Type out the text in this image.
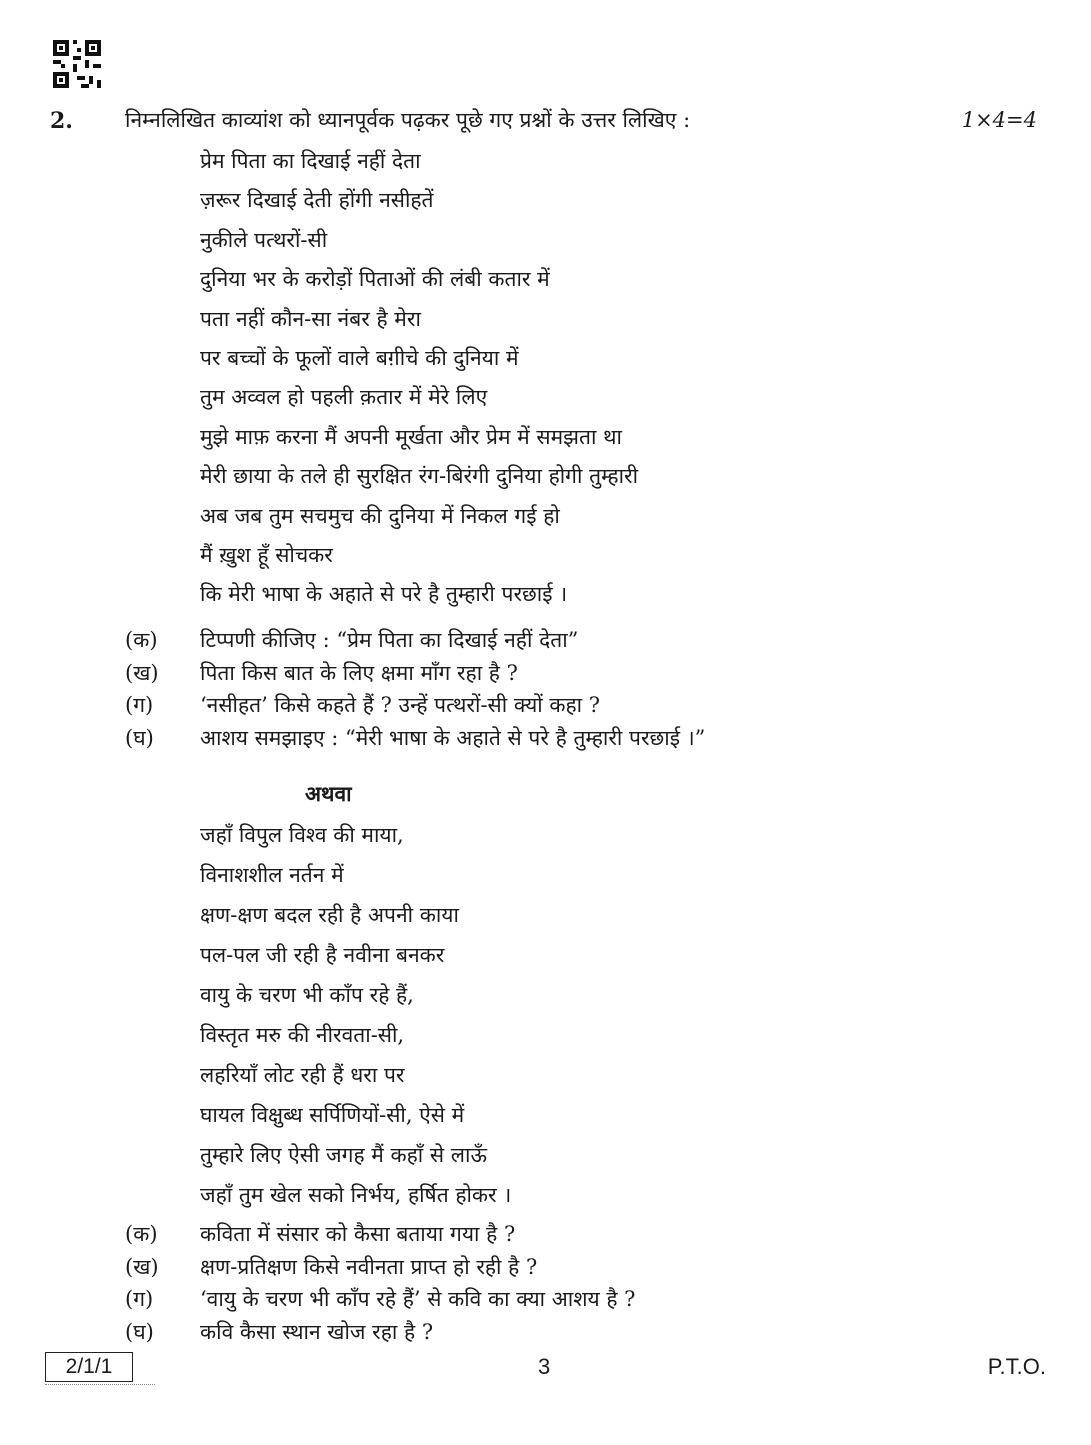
2. निम्नलिखित काव्यांश को ध्यानपूर्वक पढ़कर पूछे गए प्रश्नों के उत्तर लिखिए :	1×4=4
प्रेम पिता का दिखाई नहीं देता
ज़रूर दिखाई देती होंगी नसीहतें
नुकीले पत्थरों-सी
दुनिया भर के करोड़ों पिताओं की लंबी कतार में
पता नहीं कौन-सा नंबर है मेरा
पर बच्चों के फूलों वाले बग़ीचे की दुनिया में
तुम अव्वल हो पहली क़तार में मेरे लिए
मुझे माफ़ करना मैं अपनी मूर्खता और प्रेम में समझता था
मेरी छाया के तले ही सुरक्षित रंग-बिरंगी दुनिया होगी तुम्हारी
अब जब तुम सचमुच की दुनिया में निकल गई हो
मैं ख़ुश हूँ सोचकर
कि मेरी भाषा के अहाते से परे है तुम्हारी परछाई ।
(क) टिप्पणी कीजिए : “प्रेम पिता का दिखाई नहीं देता”
(ख) पिता किस बात के लिए क्षमा माँग रहा है ?
(ग) ‘नसीहत’ किसे कहते हैं ? उन्हें पत्थरों-सी क्यों कहा ?
(घ) आशय समझाइए : “मेरी भाषा के अहाते से परे है तुम्हारी परछाई ।”
अथवा
जहाँ विपुल विश्व की माया,
विनाशशील नर्तन में
क्षण-क्षण बदल रही है अपनी काया
पल-पल जी रही है नवीना बनकर
वायु के चरण भी काँप रहे हैं,
विस्तृत मरु की नीरवता-सी,
लहरियाँ लोट रही हैं धरा पर
घायल विक्षुब्ध सर्पिणियों-सी, ऐसे में
तुम्हारे लिए ऐसी जगह मैं कहाँ से लाऊँ
जहाँ तुम खेल सको निर्भय, हर्षित होकर ।
(क) कविता में संसार को कैसा बताया गया है ?
(ख) क्षण-प्रतिक्षण किसे नवीनता प्राप्त हो रही है ?
(ग) ‘वायु के चरण भी काँप रहे हैं’ से कवि का क्या आशय है ?
(घ) कवि कैसा स्थान खोज रहा है ?
2/1/1	3	P.T.O.
